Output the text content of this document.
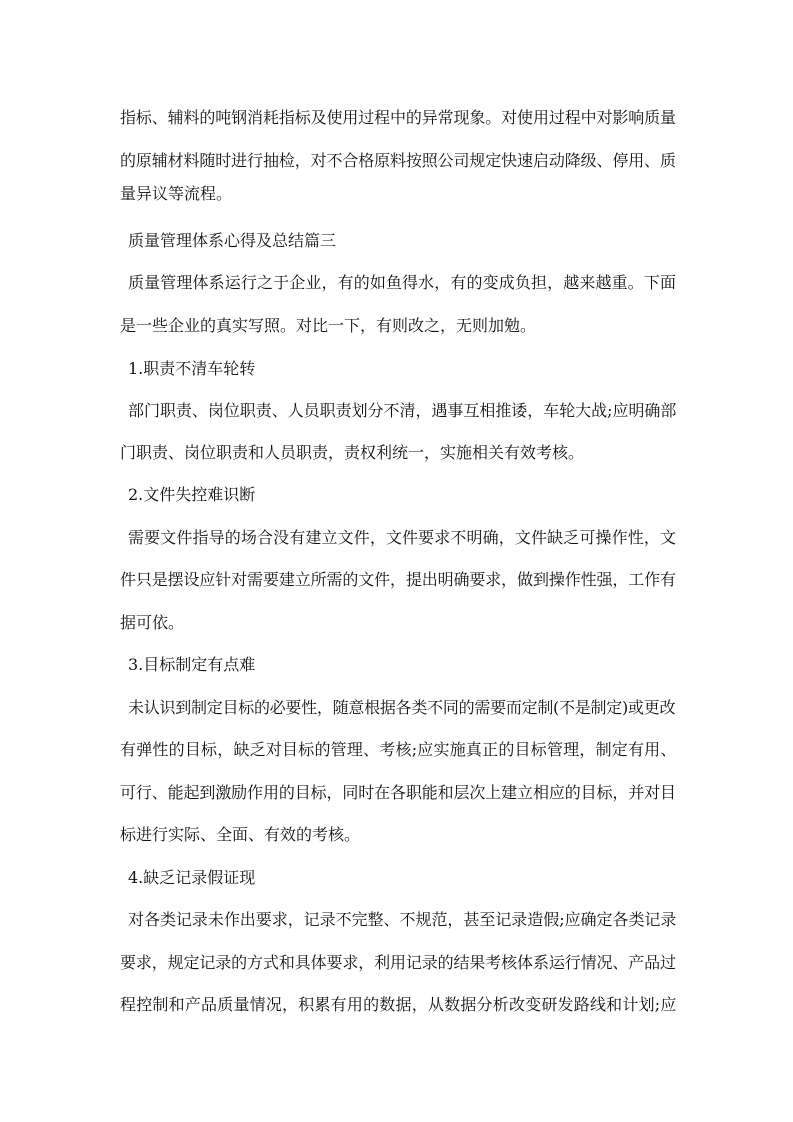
指标、辅料的吨钢消耗指标及使用过程中的异常现象。对使用过程中对影响质量
的原辅材料随时进行抽检，对不合格原料按照公司规定快速启动降级、停用、质
量异议等流程。
质量管理体系心得及总结篇三
质量管理体系运行之于企业，有的如鱼得水，有的变成负担，越来越重。下面
是一些企业的真实写照。对比一下，有则改之，无则加勉。
1.职责不清车轮转
部门职责、岗位职责、人员职责划分不清，遇事互相推诿，车轮大战;应明确部
门职责、岗位职责和人员职责，责权利统一，实施相关有效考核。
2.文件失控难识断
需要文件指导的场合没有建立文件，文件要求不明确，文件缺乏可操作性，文
件只是摆设应针对需要建立所需的文件，提出明确要求，做到操作性强，工作有
据可依。
3.目标制定有点难
未认识到制定目标的必要性，随意根据各类不同的需要而定制(不是制定)或更改
有弹性的目标，缺乏对目标的管理、考核;应实施真正的目标管理，制定有用、
可行、能起到激励作用的目标，同时在各职能和层次上建立相应的目标，并对目
标进行实际、全面、有效的考核。
4.缺乏记录假证现
对各类记录未作出要求，记录不完整、不规范，甚至记录造假;应确定各类记录
要求，规定记录的方式和具体要求，利用记录的结果考核体系运行情况、产品过
程控制和产品质量情况，积累有用的数据，从数据分析改变研发路线和计划;应
